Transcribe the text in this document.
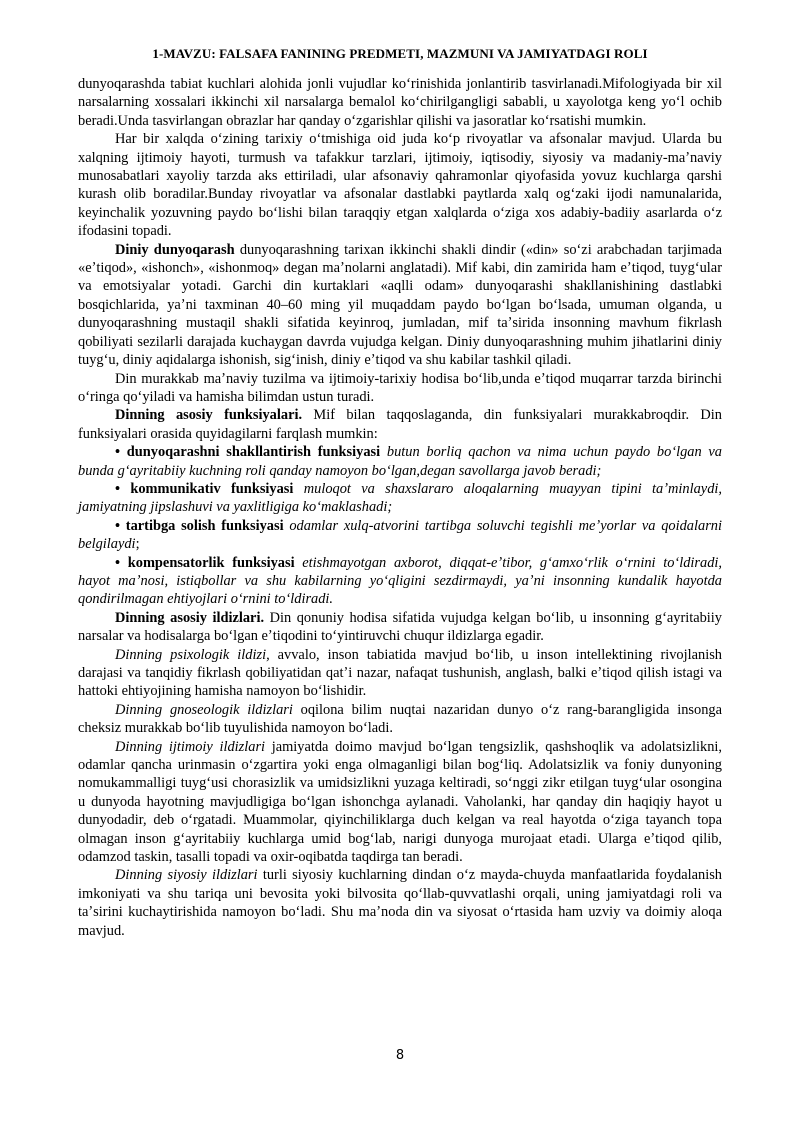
1-MAVZU: FALSAFA FANINING PREDMETI, MAZMUNI VA JAMIYATDAGI ROLI

dunyoqarashda tabiat kuchlari alohida jonli vujudlar koʻrinishida jonlantirib tasvirlanadi.Mifologiyada bir xil narsalarning xossalari ikkinchi xil narsalarga bemalol koʻchirilgangligi sababli, u xayolotga keng yoʻl ochib beradi.Unda tasvirlangan obrazlar har qanday oʻzgarishlar qilishi va jasoratlar koʻrsatishi mumkin.

Har bir xalqda oʻzining tarixiy oʻtmishiga oid juda koʻp rivoyatlar va afsonalar mavjud. Ularda bu xalqning ijtimoiy hayoti, turmush va tafakkur tarzlari, ijtimoiy, iqtisodiy, siyosiy va madaniy-maʼnaviy munosabatlari xayoliy tarzda aks ettiriladi, ular afsonaviy qahramonlar qiyofasida yovuz kuchlarga qarshi kurash olib boradilar.Bunday rivoyatlar va afsonalar dastlabki paytlarda xalq ogʻzaki ijodi namunalarida, keyinchalik yozuvning paydo boʻlishi bilan taraqqiy etgan xalqlarda oʻziga xos adabiy-badiiy asarlarda oʻz ifodasini topadi.

Diniy dunyoqarash dunyoqarashning tarixan ikkinchi shakli dindir («din» soʻzi arabchadan tarjimada «eʼtiqod», «ishonch», «ishonmoq» degan maʼnolarni anglatadi). Mif kabi, din zamirida ham eʼtiqod, tuygʻular va emotsiyalar yotadi. Garchi din kurtaklari «aqlli odam» dunyoqarashi shakllanishining dastlabki bosqichlarida, yaʼni taxminan 40–60 ming yil muqaddam paydo boʻlgan boʻlsada, umuman olganda, u dunyoqarashning mustaqil shakli sifatida keyinroq, jumladan, mif taʼsirida insonning mavhum fikrlash qobiliyati sezilarli darajada kuchaygan davrda vujudga kelgan. Diniy dunyoqarashning muhim jihatlarini diniy tuygʻu, diniy aqidalarga ishonish, sigʻinish, diniy eʼtiqod va shu kabilar tashkil qiladi.

Din murakkab maʼnaviy tuzilma va ijtimoiy-tarixiy hodisa boʻlib,unda eʼtiqod muqarrar tarzda birinchi oʻringa qoʻyiladi va hamisha bilimdan ustun turadi.

Dinning asosiy funksiyalari. Mif bilan taqqoslaganda, din funksiyalari murakkabroqdir. Din funksiyalari orasida quyidagilarni farqlash mumkin:

• dunyoqarashni shakllantirish funksiyasi butun borliq qachon va nima uchun paydo boʻlgan va bunda gʻayritabiiy kuchning roli qanday namoyon boʻlgan,degan savollarga javob beradi;

• kommunikativ funksiyasi muloqot va shaxslararo aloqalarning muayyan tipini taʼminlaydi, jamiyatning jipslashuvi va yaxlitligiga koʻmaklashadi;

• tartibga solish funksiyasi odamlar xulq-atvorini tartibga soluvchi tegishli meʼyorlar va qoidalarni belgilaydi;

• kompensatorlik funksiyasi etishmayotgan axborot, diqqat-eʼtibor, gʻamxoʻrlik oʻrnini toʻldiradi, hayot maʼnosi, istiqbollar va shu kabilarning yoʻqligini sezdirmaydi, yaʼni insonning kundalik hayotda qondirilmagan ehtiyojlari oʻrnini toʻldiradi.

Dinning asosiy ildizlari. Din qonuniy hodisa sifatida vujudga kelgan boʻlib, u insonning gʻayritabiiy narsalar va hodisalarga boʻlgan eʼtiqodini toʻyintiruvchi chuqur ildizlarga egadir.

Dinning psixologik ildizi, avvalo, inson tabiatida mavjud boʻlib, u inson intellektining rivojlanish darajasi va tanqidiy fikrlash qobiliyatidan qatʼi nazar, nafaqat tushunish, anglash, balki eʼtiqod qilish istagi va hattoki ehtiyojining hamisha namoyon boʻlishidir.

Dinning gnoseologik ildizlari oqilona bilim nuqtai nazaridan dunyo oʻz rang-barangligida insonga cheksiz murakkab boʻlib tuyulishida namoyon boʻladi.

Dinning ijtimoiy ildizlari jamiyatda doimo mavjud boʻlgan tengsizlik, qashshoqlik va adolatsizlikni, odamlar qancha urinmasin oʻzgartira yoki enga olmaganligi bilan bogʻliq. Adolatsizlik va foniy dunyoning nomukammalligi tuygʻusi chorasizlik va umidsizlikni yuzaga keltiradi, soʻnggi zikr etilgan tuygʻular osongina u dunyoda hayotning mavjudligiga boʻlgan ishonchga aylanadi. Vaholanki, har qanday din haqiqiy hayot u dunyodadir, deb oʻrgatadi. Muammolar, qiyinchiliklarga duch kelgan va real hayotda oʻziga tayanch topa olmagan inson gʻayritabiiy kuchlarga umid bogʻlab, narigi dunyoga murojaat etadi. Ularga eʼtiqod qilib, odamzod taskin, tasalli topadi va oxir-oqibatda taqdirga tan beradi.

Dinning siyosiy ildizlari turli siyosiy kuchlarning dindan oʻz mayda-chuyda manfaatlarida foydalanish imkoniyati va shu tariqa uni bevosita yoki bilvosita qoʻllab-quvvatlashi orqali, uning jamiyatdagi roli va taʼsirini kuchaytirishida namoyon boʻladi. Shu maʼnoda din va siyosat oʻrtasida ham uzviy va doimiy aloqa mavjud.

8
